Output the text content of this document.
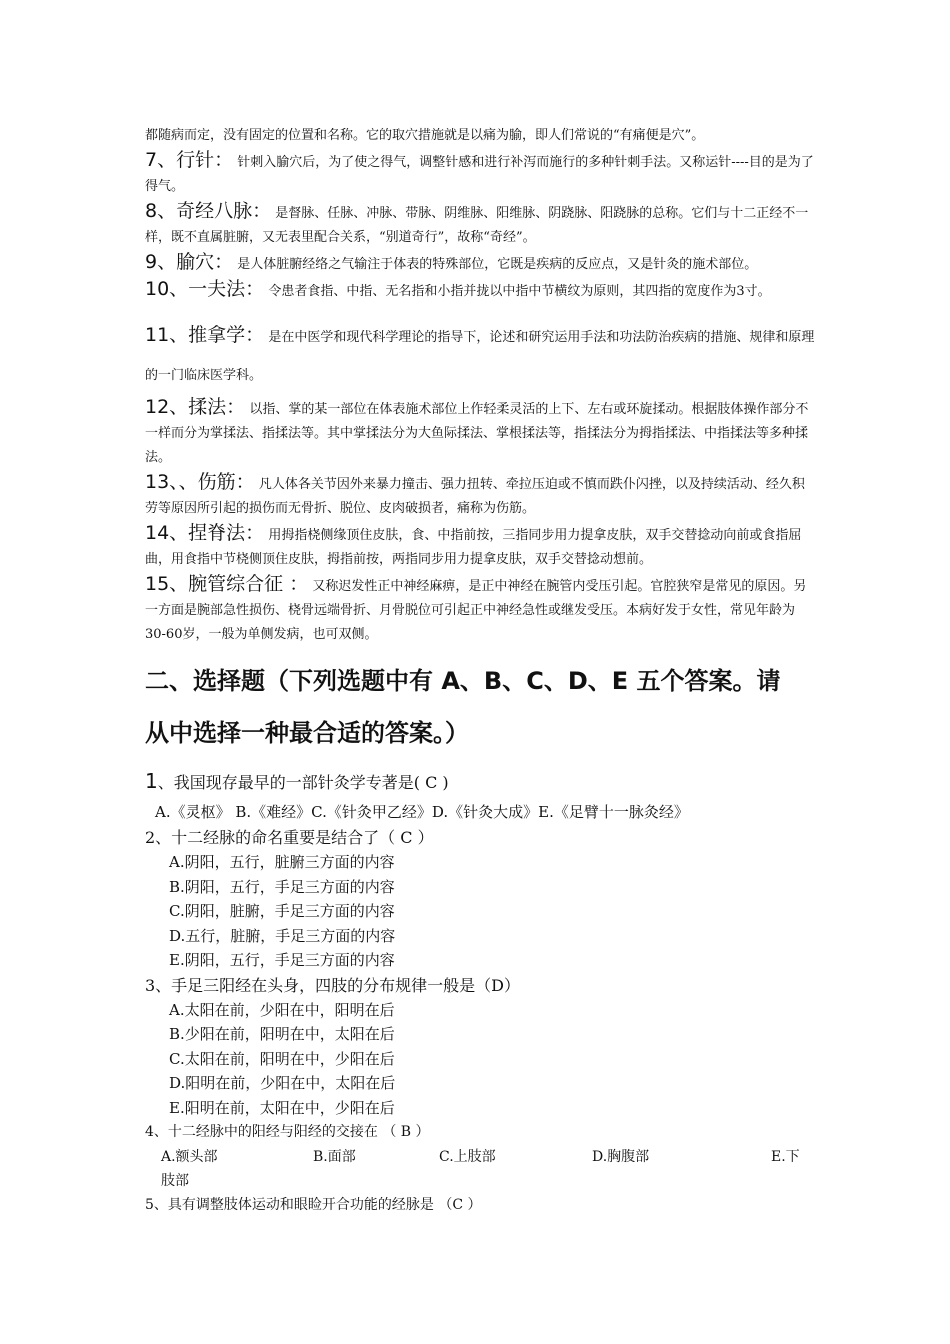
都随病而定，没有固定的位置和名称。它的取穴措施就是以痛为腧，即人们常说的“有痛便是穴”。
7、行针： 针刺入腧穴后，为了使之得气，调整针感和进行补泻而施行的多种针刺手法。又称运针----目的是为了得气。
8、奇经八脉： 是督脉、任脉、冲脉、带脉、阴维脉、阳维脉、阴跷脉、阳跷脉的总称。它们与十二正经不一样，既不直属脏腑，又无表里配合关系，“别道奇行”，故称“奇经”。
9、腧穴： 是人体脏腑经络之气输注于体表的特殊部位，它既是疾病的反应点，又是针灸的施术部位。
10、一夫法： 令患者食指、中指、无名指和小指并拢以中指中节横纹为原则，其四指的宽度作为3寸。
11、推拿学： 是在中医学和现代科学理论的指导下，论述和研究运用手法和功法防治疾病的措施、规律和原理的一门临床医学科。
12、揉法： 以指、掌的某一部位在体表施术部位上作轻柔灵活的上下、左右或环旋揉动。根据肢体操作部分不一样而分为掌揉法、指揉法等。其中掌揉法分为大鱼际揉法、掌根揉法等，指揉法分为拇指揉法、中指揉法等多种揉法。
13、、伤筋： 凡人体各关节因外来暴力撞击、强力扭转、牵拉压迫或不慎而跌仆闪挫，以及持续活动、经久积劳等原因所引起的损伤而无骨折、脱位、皮肉破损者，痛称为伤筋。
14、捏脊法： 用拇指桡侧缘顶住皮肤，食、中指前按，三指同步用力提拿皮肤，双手交替捻动向前或食指屈曲，用食指中节桡侧顶住皮肤，拇指前按，两指同步用力提拿皮肤，双手交替捻动想前。
15、腕管综合征 ： 又称迟发性正中神经麻痹，是正中神经在腕管内受压引起。官腔狭窄是常见的原因。另一方面是腕部急性损伤、桡骨远端骨折、月骨脱位可引起正中神经急性或继发受压。本病好发于女性，常见年龄为30-60岁，一般为单侧发病，也可双侧。
二、选择题（下列选题中有 A、B、C、D、E 五个答案。请
从中选择一种最合适的答案。）
1、我国现存最早的一部针灸学专著是( C )
A.《灵枢》 B.《难经》C.《针灸甲乙经》D.《针灸大成》E.《足臂十一脉灸经》
2、十二经脉的命名重要是结合了（ C ）
A.阴阳，五行，脏腑三方面的内容
B.阴阳，五行，手足三方面的内容
C.阴阳，脏腑，手足三方面的内容
D.五行，脏腑，手足三方面的内容
E.阴阳，五行，手足三方面的内容
3、手足三阳经在头身，四肢的分布规律一般是（D）
A.太阳在前，少阳在中，阳明在后
B.少阳在前，阳明在中，太阳在后
C.太阳在前，阳明在中，少阳在后
D.阳明在前，少阳在中，太阳在后
E.阳明在前，太阳在中，少阳在后
4、十二经脉中的阳经与阳经的交接在 （ B ）
A.额头部	B.面部	C.上肢部	D.胸腹部	E.下
肢部
5、具有调整肢体运动和眼睑开合功能的经脉是 （C ）
